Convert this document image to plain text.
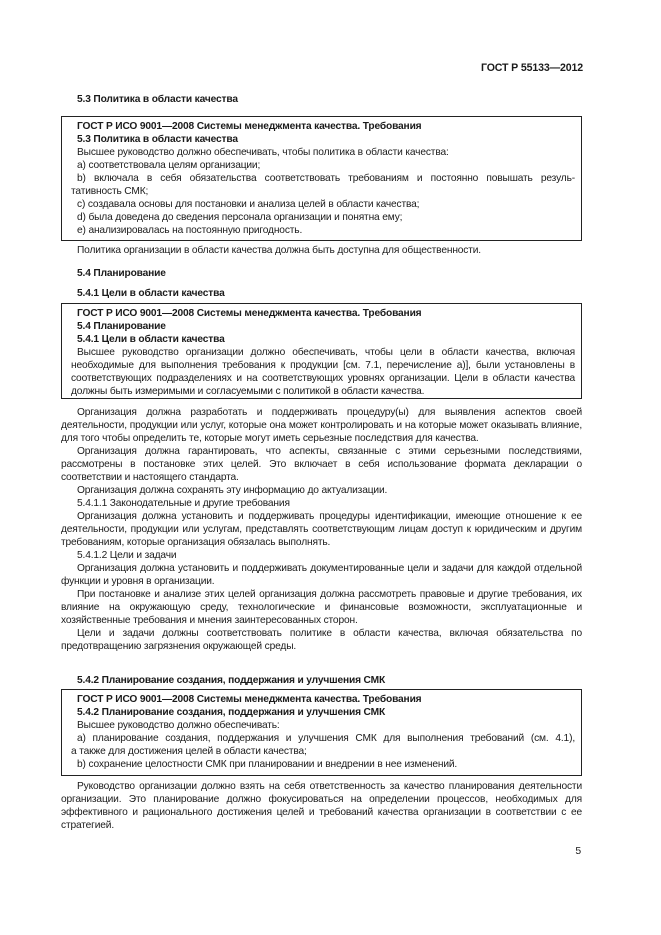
ГОСТ Р 55133—2012
5.3 Политика в области качества
ГОСТ Р ИСО 9001—2008 Системы менеджмента качества. Требования
5.3 Политика в области качества
Высшее руководство должно обеспечивать, чтобы политика в области качества:
a) соответствовала целям организации;
b) включала в себя обязательства соответствовать требованиям и постоянно повышать резуль-
тативность СМК;
c) создавала основы для постановки и анализа целей в области качества;
d) была доведена до сведения персонала организации и понятна ему;
e) анализировалась на постоянную пригодность.

Политика организации в области качества должна быть доступна для общественности.

5.4 Планирование
5.4.1 Цели в области качества
ГОСТ Р ИСО 9001—2008 Системы менеджмента качества. Требования
5.4 Планирование
5.4.1 Цели в области качества

Высшее руководство организации должно обеспечивать, чтобы цели в области качества, включая необходимые для выполнения требования к продукции [см. 7.1, перечисление а)], были установлены в соответствующих подразделениях и на соответствующих уровнях организации. Цели в области качества должны быть измеримыми и согласуемыми с политикой в области качества.

Организация должна разработать и поддерживать процедуру(ы) для выявления аспектов своей деятельности, продукции или услуг, которые она может контролировать и на которые может оказывать влияние, для того чтобы определить те, которые могут иметь серьезные последствия для качества.

Организация должна гарантировать, что аспекты, связанные с этими серьезными последствиями, рассмотрены в постановке этих целей. Это включает в себя использование формата декларации о соответствии и настоящего стандарта.

Организация должна сохранять эту информацию до актуализации.

5.4.1.1 Законодательные и другие требования

Организация должна установить и поддерживать процедуры идентификации, имеющие отношение к ее деятельности, продукции или услугам, представлять соответствующим лицам доступ к юридическим и другим требованиям, которые организация обязалась выполнять.

5.4.1.2 Цели и задачи

Организация должна установить и поддерживать документированные цели и задачи для каждой отдельной функции и уровня в организации.

При постановке и анализе этих целей организация должна рассмотреть правовые и другие требования, их влияние на окружающую среду, технологические и финансовые возможности, эксплуатационные и хозяйственные требования и мнения заинтересованных сторон.

Цели и задачи должны соответствовать политике в области качества, включая обязательства по предотвращению загрязнения окружающей среды.

5.4.2 Планирование создания, поддержания и улучшения СМК
ГОСТ Р ИСО 9001—2008 Системы менеджмента качества. Требования
5.4.2 Планирование создания, поддержания и улучшения СМК
Высшее руководство должно обеспечивать:
а) планирование создания, поддержания и улучшения СМК для выполнения требований (см. 4.1),
а также для достижения целей в области качества;
b) сохранение целостности СМК при планировании и внедрении в нее изменений.

Руководство организации должно взять на себя ответственность за качество планирования деятельности организации. Это планирование должно фокусироваться на определении процессов, необходимых для эффективного и рационального достижения целей и требований качества организации в соответствии с ее стратегией.

5
